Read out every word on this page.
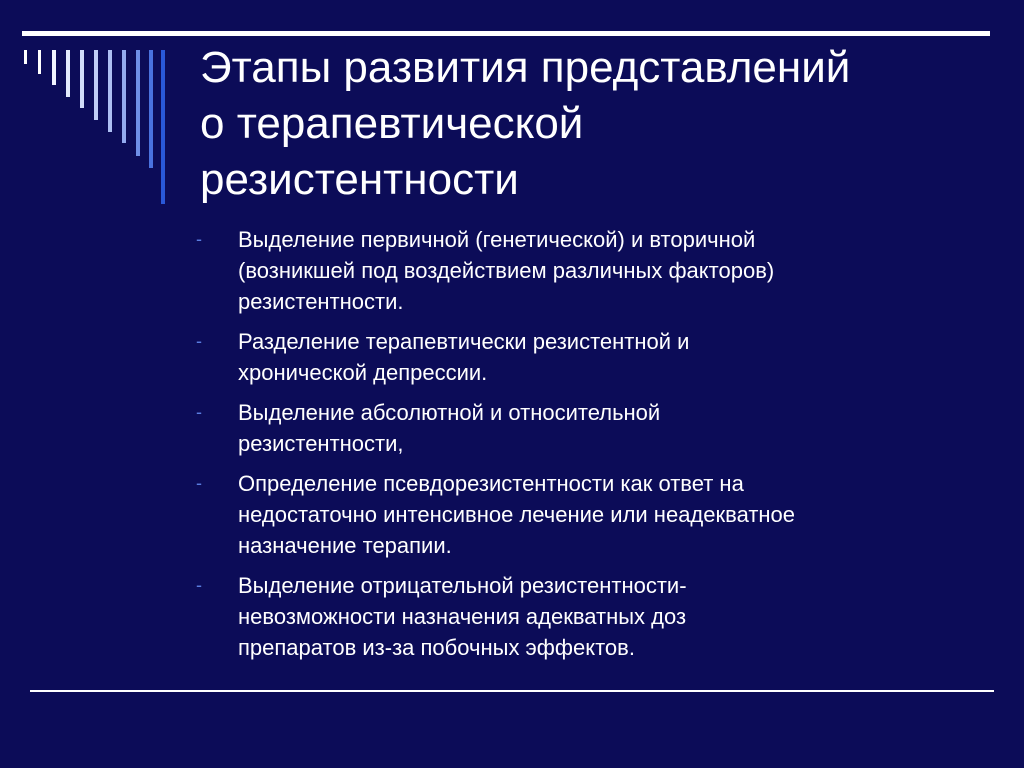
Этапы развития представлений
о терапевтической
резистентности
- Выделение первичной (генетической) и вторичной
(возникшей под воздействием различных факторов)
резистентности.
- Разделение терапевтически резистентной и
хронической депрессии.
- Выделение абсолютной и относительной
резистентности,
- Определение псевдорезистентности как ответ на
недостаточно интенсивное лечение или неадекватное
назначение терапии.
- Выделение отрицательной резистентности-
невозможности назначения адекватных доз
препаратов из-за побочных эффектов.
